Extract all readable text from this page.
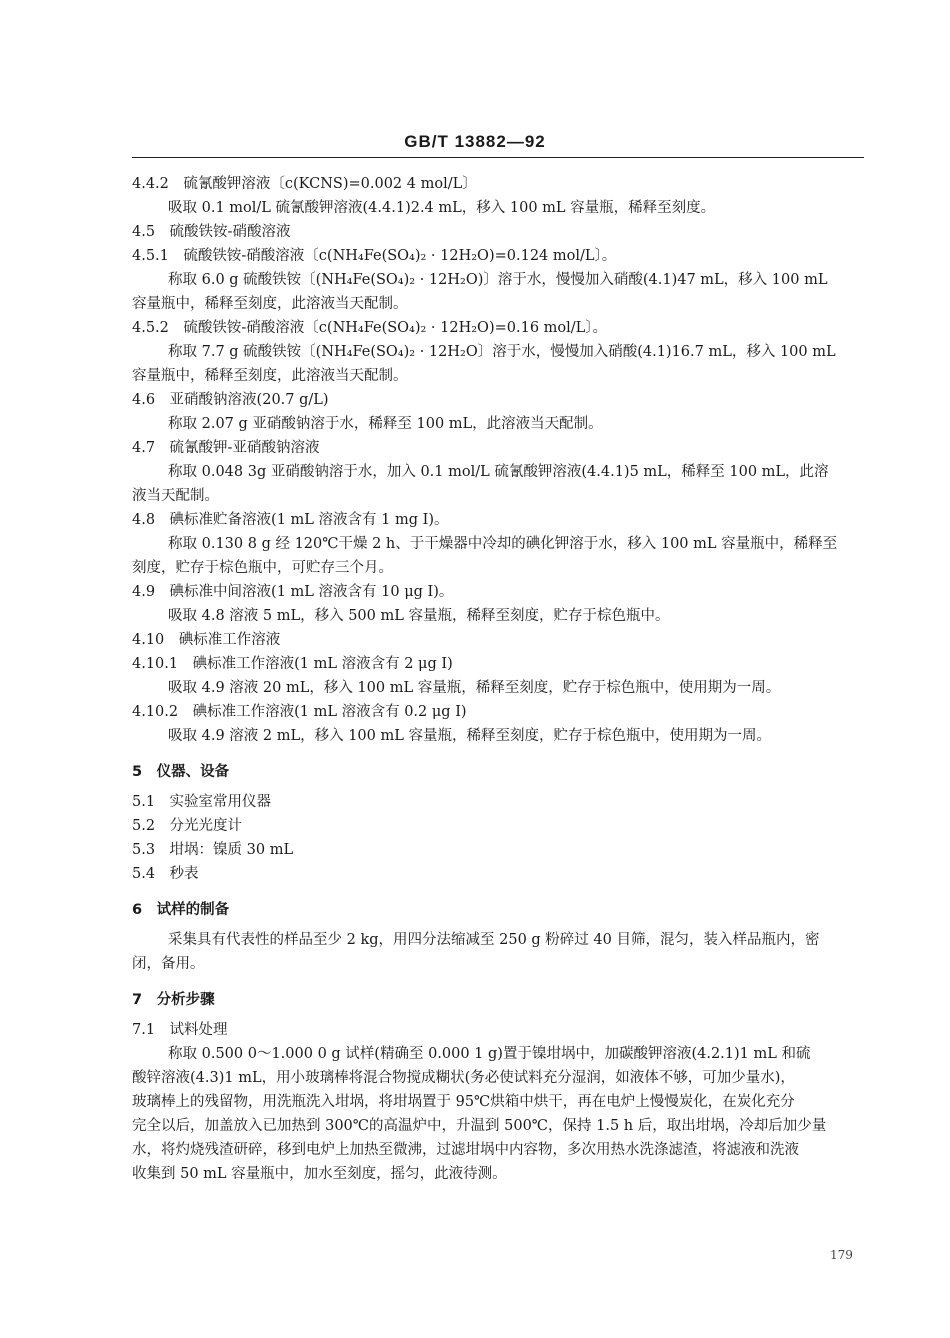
GB/T 13882—92
4.4.2　硫氰酸钾溶液〔c(KCNS)=0.002 4 mol/L〕
吸取 0.1 mol/L 硫氰酸钾溶液(4.4.1)2.4 mL，移入 100 mL 容量瓶，稀释至刻度。
4.5　硫酸铁铵-硝酸溶液
4.5.1　硫酸铁铵-硝酸溶液〔c(NH₄Fe(SO₄)₂ · 12H₂O)=0.124 mol/L〕。
称取 6.0 g 硫酸铁铵〔(NH₄Fe(SO₄)₂ · 12H₂O)〕溶于水，慢慢加入硝酸(4.1)47 mL，移入 100 mL
容量瓶中，稀释至刻度，此溶液当天配制。
4.5.2　硫酸铁铵-硝酸溶液〔c(NH₄Fe(SO₄)₂ · 12H₂O)=0.16 mol/L〕。
称取 7.7 g 硫酸铁铵〔(NH₄Fe(SO₄)₂ · 12H₂O〕溶于水，慢慢加入硝酸(4.1)16.7 mL，移入 100 mL
容量瓶中，稀释至刻度，此溶液当天配制。
4.6　亚硝酸钠溶液(20.7 g/L)
称取 2.07 g 亚硝酸钠溶于水，稀释至 100 mL，此溶液当天配制。
4.7　硫氰酸钾-亚硝酸钠溶液
称取 0.048 3g 亚硝酸钠溶于水，加入 0.1 mol/L 硫氰酸钾溶液(4.4.1)5 mL，稀释至 100 mL，此溶
液当天配制。
4.8　碘标准贮备溶液(1 mL 溶液含有 1 mg I)。
称取 0.130 8 g 经 120℃干燥 2 h、于干燥器中冷却的碘化钾溶于水，移入 100 mL 容量瓶中，稀释至
刻度，贮存于棕色瓶中，可贮存三个月。
4.9　碘标准中间溶液(1 mL 溶液含有 10 μg I)。
吸取 4.8 溶液 5 mL，移入 500 mL 容量瓶，稀释至刻度，贮存于棕色瓶中。
4.10　碘标准工作溶液
4.10.1　碘标准工作溶液(1 mL 溶液含有 2 μg I)
吸取 4.9 溶液 20 mL，移入 100 mL 容量瓶，稀释至刻度，贮存于棕色瓶中，使用期为一周。
4.10.2　碘标准工作溶液(1 mL 溶液含有 0.2 μg I)
吸取 4.9 溶液 2 mL，移入 100 mL 容量瓶，稀释至刻度，贮存于棕色瓶中，使用期为一周。
5　仪器、设备
5.1　实验室常用仪器
5.2　分光光度计
5.3　坩埚：镍质 30 mL
5.4　秒表
6　试样的制备
采集具有代表性的样品至少 2 kg，用四分法缩减至 250 g 粉碎过 40 目筛，混匀，装入样品瓶内，密
闭，备用。
7　分析步骤
7.1　试料处理
称取 0.500 0～1.000 0 g 试样(精确至 0.000 1 g)置于镍坩埚中，加碳酸钾溶液(4.2.1)1 mL 和硫
酸锌溶液(4.3)1 mL，用小玻璃棒将混合物搅成糊状(务必使试料充分湿润，如液体不够，可加少量水)，
玻璃棒上的残留物，用洗瓶洗入坩埚，将坩埚置于 95℃烘箱中烘干，再在电炉上慢慢炭化，在炭化充分
完全以后，加盖放入已加热到 300℃的高温炉中，升温到 500℃，保持 1.5 h 后，取出坩埚，冷却后加少量
水，将灼烧残渣研碎，移到电炉上加热至微沸，过滤坩埚中内容物，多次用热水洗涤滤渣，将滤液和洗液
收集到 50 mL 容量瓶中，加水至刻度，摇匀，此液待测。
179
